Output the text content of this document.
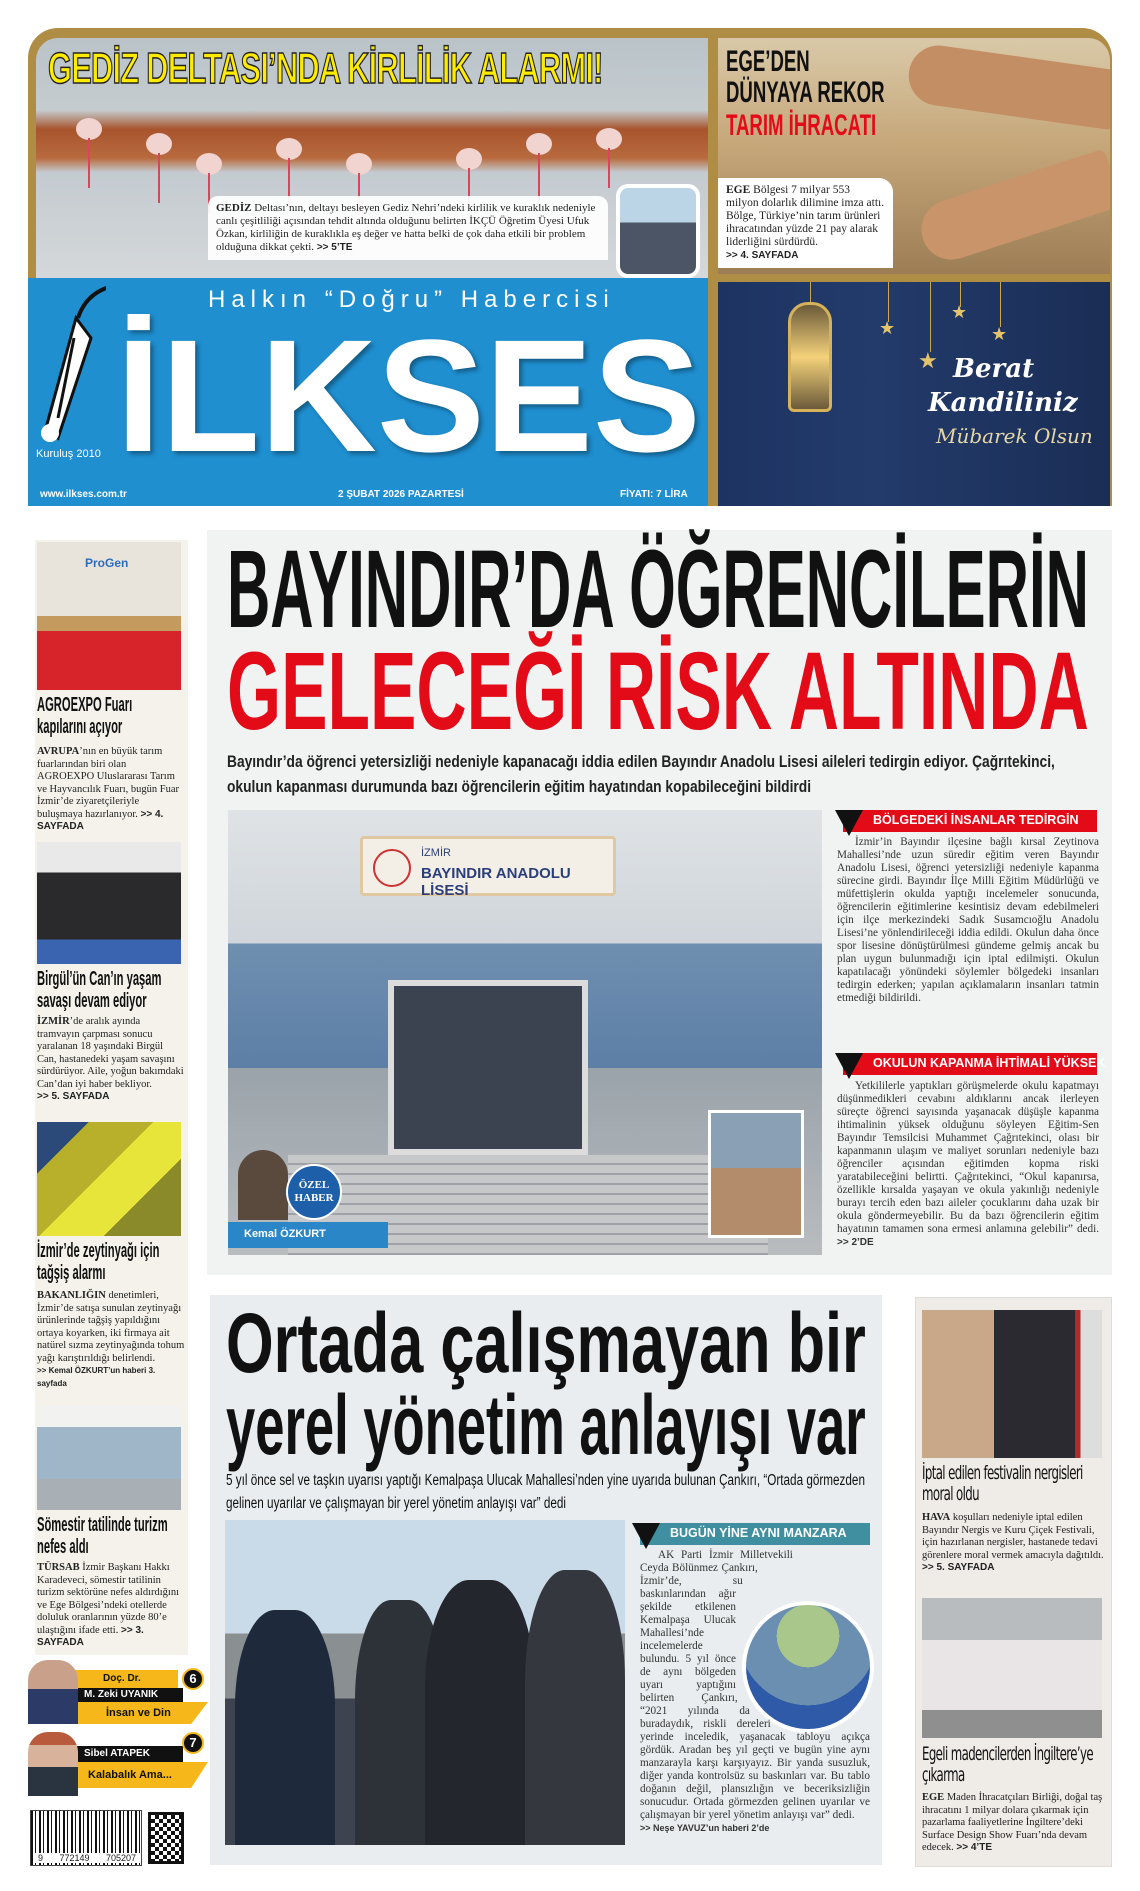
GEDİZ DELTASI’NDA KİRLİLİK ALARMI!
GEDİZ Deltası’nın, deltayı besleyen Gediz Nehri’ndeki kirlilik ve kuraklık nedeniyle canlı çeşitliliği açısından tehdit altında olduğunu belirten İKÇÜ Öğretim Üyesi Ufuk Özkan, kirliliğin de kuraklıkla eş değer ve hatta belki de çok daha etkili bir problem olduğuna dikkat çekti. >> 5’TE
EGE’DEN
DÜNYAYA REKOR
TARIM İHRACATI
EGE Bölgesi 7 milyar 553 milyon dolarlık dilimine imza attı. Bölge, Türkiye’nin tarım ürünleri ihracatından yüzde 21 pay alarak liderliğini sürdürdü.
>> 4. SAYFADA
Halkın “Doğru” Habercisi
İLKSES
Kuruluş 2010
www.ilkses.com.tr	2 ŞUBAT 2026 PAZARTESİ	FİYATI: 7 LİRA
★
★
★
★
Berat
Kandiliniz
Mübarek Olsun
ProGen
AGROEXPO Fuarı kapılarını açıyor
AVRUPA’nın en büyük tarım fuarlarından biri olan AGROEXPO Uluslararası Tarım ve Hayvancılık Fuarı, bugün Fuar İzmir’de ziyaretçileriyle buluşmaya hazırlanıyor. >> 4. SAYFADA
Birgül’ün Can’ın yaşam savaşı devam ediyor
İZMİR’de aralık ayında tramvayın çarpması sonucu yaralanan 18 yaşındaki Birgül Can, hastanedeki yaşam savaşını sürdürüyor. Aile, yoğun bakımdaki Can’dan iyi haber bekliyor.
>> 5. SAYFADA
İzmir’de zeytinyağı için tağşiş alarmı
BAKANLIĞIN denetimleri, İzmir’de satışa sunulan zeytinyağı ürünlerinde tağşiş yapıldığını ortaya koyarken, iki firmaya ait natürel sızma zeytinyağında tohum yağı karıştırıldığı belirlendi.
>> Kemal ÖZKURT’un haberi 3. sayfada
Sömestir tatilinde turizm nefes aldı
TÜRSAB İzmir Başkanı Hakkı Karadeveci, sömestir tatilinin turizm sektörüne nefes aldırdığını ve Ege Bölgesi’ndeki otellerde doluluk oranlarının yüzde 80’e ulaştığını ifade etti. >> 3. SAYFADA
Doç. Dr.
M. Zeki UYANIK
İnsan ve Din
6
Sibel ATAPEK
Kalabalık Ama...
7
9 772149 705207
BAYINDIR’DA ÖĞRENCİLERİN
GELECEĞİ RİSK ALTINDA
Bayındır’da öğrenci yetersizliği nedeniyle kapanacağı iddia edilen Bayındır Anadolu Lisesi aileleri tedirgin ediyor. Çağrıtekinci, okulun kapanması durumunda bazı öğrencilerin eğitim hayatından kopabileceğini bildirdi
İZMİR
BAYINDIR ANADOLU LİSESİ
Kemal ÖZKURT
ÖZEL HABER
BÖLGEDEKİ İNSANLAR TEDİRGİN

İzmir’in Bayındır ilçesine bağlı kırsal Zeytinova Mahallesi’nde uzun süredir eğitim veren Bayındır Anadolu Lisesi, öğrenci yetersizliği nedeniyle kapanma sürecine girdi. Bayındır İlçe Milli Eğitim Müdürlüğü ve müfettişlerin okulda yaptığı incelemeler sonucunda, öğrencilerin eğitimlerine kesintisiz devam edebilmeleri için ilçe merkezindeki Sadık Susamcıoğlu Anadolu Lisesi’ne yönlendirileceği iddia edildi. Okulun daha önce spor lisesine dönüştürülmesi gündeme gelmiş ancak bu plan uygun bulunmadığı için iptal edilmişti. Okulun kapatılacağı yönündeki söylemler bölgedeki insanları tedirgin ederken; yapılan açıklamaların insanları tatmin etmediği bildirildi.

OKULUN KAPANMA İHTİMALİ YÜKSEK

Yetkililerle yaptıkları görüşmelerde okulu kapatmayı düşünmedikleri cevabını aldıklarını ancak ilerleyen süreçte öğrenci sayısında yaşanacak düşüşle kapanma ihtimalinin yüksek olduğunu söyleyen Eğitim-Sen Bayındır Temsilcisi Muhammet Çağrıtekinci, olası bir kapanmanın ulaşım ve maliyet sorunları nedeniyle bazı öğrenciler açısından eğitimden kopma riski yaratabileceğini belirtti. Çağrıtekinci, “Okul kapanırsa, özellikle kırsalda yaşayan ve okula yakınlığı nedeniyle burayı tercih eden bazı aileler çocuklarını daha uzak bir okula göndermeyebilir. Bu da bazı öğrencilerin eğitim hayatının tamamen sona ermesi anlamına gelebilir” dedi. >> 2’DE

Ortada çalışmayan bir
yerel yönetim anlayışı var
5 yıl önce sel ve taşkın uyarısı yaptığı Kemalpaşa Ulucak Mahallesi’nden yine uyarıda bulunan Çankırı, “Ortada görmezden gelinen uyarılar ve çalışmayan bir yerel yönetim anlayışı var” dedi
BUGÜN YİNE AYNI MANZARA

AK Parti İzmir Milletvekili Ceyda Bölünmez Çankırı, İzmir’de, su baskınlarından ağır şekilde etkilenen Kemalpaşa Ulucak Mahallesi’nde incelemelerde bulundu. 5 yıl önce de aynı bölgeden uyarı yaptığını belirten Çankırı, “2021 yılında da buradaydık, riskli dereleri yerinde inceledik, yaşanacak tabloyu açıkça gördük. Aradan beş yıl geçti ve bugün yine aynı manzarayla karşı karşıyayız. Bir yanda susuzluk, diğer yanda kontrolsüz su baskınları var. Bu tablo doğanın değil, plansızlığın ve beceriksizliğin sonucudur. Ortada görmezden gelinen uyarılar ve çalışmayan bir yerel yönetim anlayışı var” dedi.
>> Neşe YAVUZ’un haberi 2’de

İptal edilen festivalin nergisleri moral oldu
HAVA koşulları nedeniyle iptal edilen Bayındır Nergis ve Kuru Çiçek Festivali, için hazırlanan nergisler, hastanede tedavi görenlere moral vermek amacıyla dağıtıldı. >> 5. SAYFADA
Egeli madencilerden İngiltere’ye çıkarma
EGE Maden İhracatçıları Birliği, doğal taş ihracatını 1 milyar dolara çıkarmak için pazarlama faaliyetlerine İngiltere’deki Surface Design Show Fuarı’nda devam edecek. >> 4’TE
